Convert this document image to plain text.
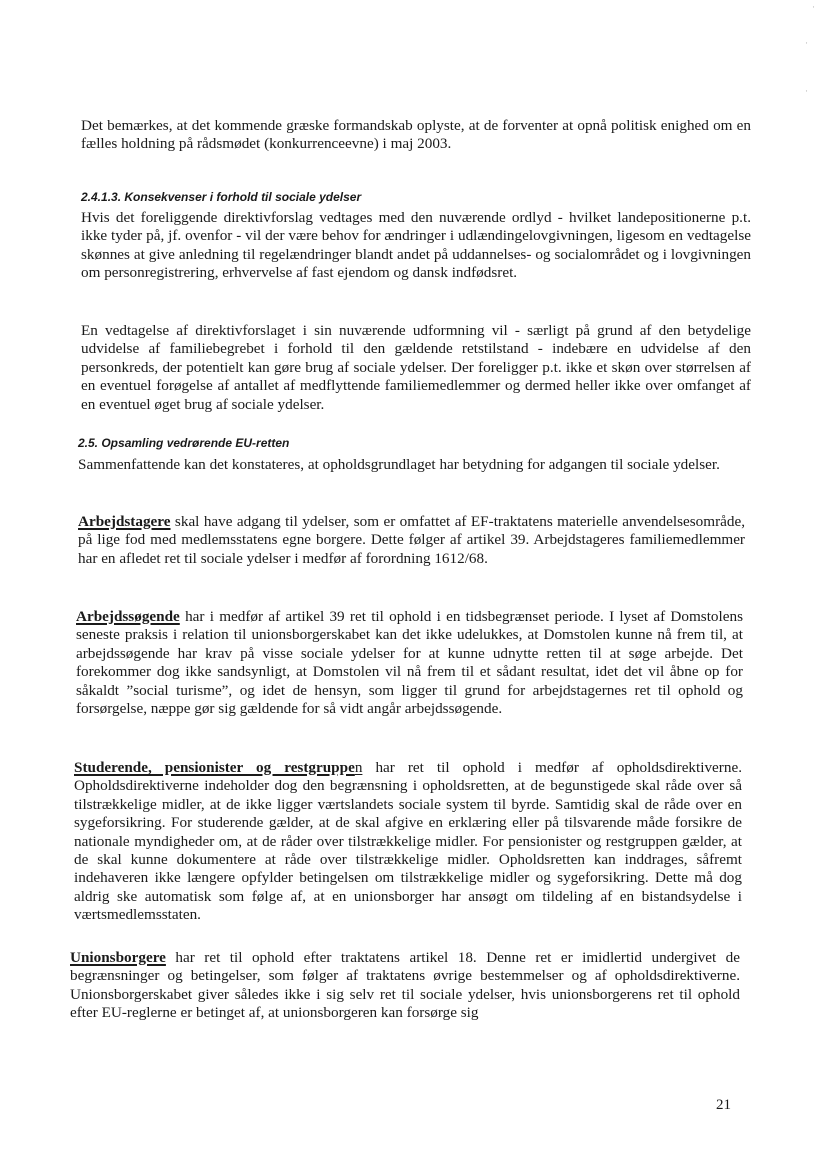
Det bemærkes, at det kommende græske formandskab oplyste, at de forventer at opnå politisk enighed om en fælles holdning på rådsmødet (konkurrenceevne) i maj 2003.

2.4.1.3. Konsekvenser i forhold til sociale ydelser

Hvis det foreliggende direktivforslag vedtages med den nuværende ordlyd - hvilket landepositionerne p.t. ikke tyder på, jf. ovenfor - vil der være behov for ændringer i udlændingelovgivningen, ligesom en vedtagelse skønnes at give anledning til regelændringer blandt andet på uddannelses- og socialområdet og i lovgivningen om personregistrering, erhvervelse af fast ejendom og dansk indfødsret.

En vedtagelse af direktivforslaget i sin nuværende udformning vil - særligt på grund af den betydelige udvidelse af familiebegrebet i forhold til den gældende retstilstand - indebære en udvidelse af den personkreds, der potentielt kan gøre brug af sociale ydelser. Der foreligger p.t. ikke et skøn over størrelsen af en eventuel forøgelse af antallet af medflyttende familiemedlemmer og dermed heller ikke over omfanget af en eventuel øget brug af sociale ydelser.

2.5. Opsamling vedrørende EU-retten

Sammenfattende kan det konstateres, at opholdsgrundlaget har betydning for adgangen til sociale ydelser.

Arbejdstagere skal have adgang til ydelser, som er omfattet af EF-traktatens materielle anvendelsesområde, på lige fod med medlemsstatens egne borgere. Dette følger af artikel 39. Arbejdstageres familiemedlemmer har en afledet ret til sociale ydelser i medfør af forordning 1612/68.

Arbejdssøgende har i medfør af artikel 39 ret til ophold i en tidsbegrænset periode. I lyset af Domstolens seneste praksis i relation til unionsborgerskabet kan det ikke udelukkes, at Domstolen kunne nå frem til, at arbejdssøgende har krav på visse sociale ydelser for at kunne udnytte retten til at søge arbejde. Det forekommer dog ikke sandsynligt, at Domstolen vil nå frem til et sådant resultat, idet det vil åbne op for såkaldt ”social turisme”, og idet de hensyn, som ligger til grund for arbejdstagernes ret til ophold og forsørgelse, næppe gør sig gældende for så vidt angår arbejdssøgende.

Studerende, pensionister og restgruppen har ret til ophold i medfør af opholdsdirektiverne. Opholdsdirektiverne indeholder dog den begrænsning i opholdsretten, at de begunstigede skal råde over så tilstrækkelige midler, at de ikke ligger værtslandets sociale system til byrde. Samtidig skal de råde over en sygeforsikring. For studerende gælder, at de skal afgive en erklæring eller på tilsvarende måde forsikre de nationale myndigheder om, at de råder over tilstrækkelige midler. For pensionister og restgruppen gælder, at de skal kunne dokumentere at råde over tilstrækkelige midler. Opholdsretten kan inddrages, såfremt indehaveren ikke længere opfylder betingelsen om tilstrækkelige midler og sygeforsikring. Dette må dog aldrig ske automatisk som følge af, at en unionsborger har ansøgt om tildeling af en bistandsydelse i værtsmedlemsstaten.

Unionsborgere har ret til ophold efter traktatens artikel 18. Denne ret er imidlertid undergivet de begrænsninger og betingelser, som følger af traktatens øvrige bestemmelser og af opholdsdirektiverne. Unionsborgerskabet giver således ikke i sig selv ret til sociale ydelser, hvis unionsborgerens ret til ophold efter EU-reglerne er betinget af, at unionsborgeren kan forsørge sig

21
·
·
·
